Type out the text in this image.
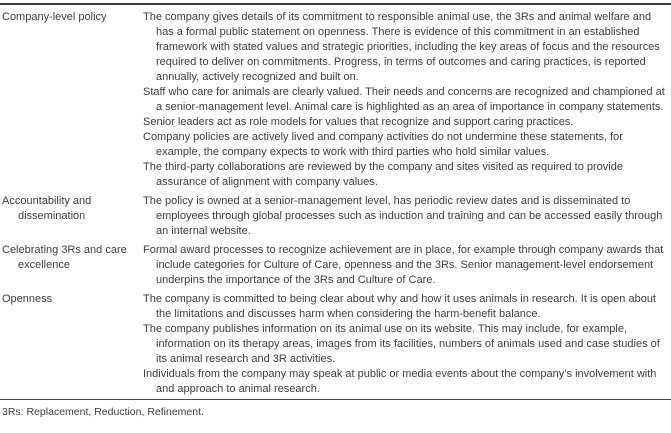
Company-level policy	The company gives details of its commitment to responsible animal use, the 3Rs and animal welfare and has a formal public statement on openness. There is evidence of this commitment in an established framework with stated values and strategic priorities, including the key areas of focus and the resources required to deliver on commitments. Progress, in terms of outcomes and caring practices, is reported annually, actively recognized and built on.

Staff who care for animals are clearly valued. Their needs and concerns are recognized and championed at a senior-management level. Animal care is highlighted as an area of importance in company statements.

Senior leaders act as role models for values that recognize and support caring practices.

Company policies are actively lived and company activities do not undermine these statements, for example, the company expects to work with third parties who hold similar values.

The third-party collaborations are reviewed by the company and sites visited as required to provide assurance of alignment with company values.

Accountability and dissemination

The policy is owned at a senior-management level, has periodic review dates and is disseminated to employees through global processes such as induction and training and can be accessed easily through an internal website.

Celebrating 3Rs and care excellence

Formal award processes to recognize achievement are in place, for example through company awards that include categories for Culture of Care, openness and the 3Rs. Senior management-level endorsement underpins the importance of the 3Rs and Culture of Care.

Openness	The company is committed to being clear about why and how it uses animals in research. It is open about the limitations and discusses harm when considering the harm-benefit balance.

The company publishes information on its animal use on its website. This may include, for example, information on its therapy areas, images from its facilities, numbers of animals used and case studies of its animal research and 3R activities.

Individuals from the company may speak at public or media events about the company’s involvement with and approach to animal research.

3Rs: Replacement, Reduction, Refinement.
